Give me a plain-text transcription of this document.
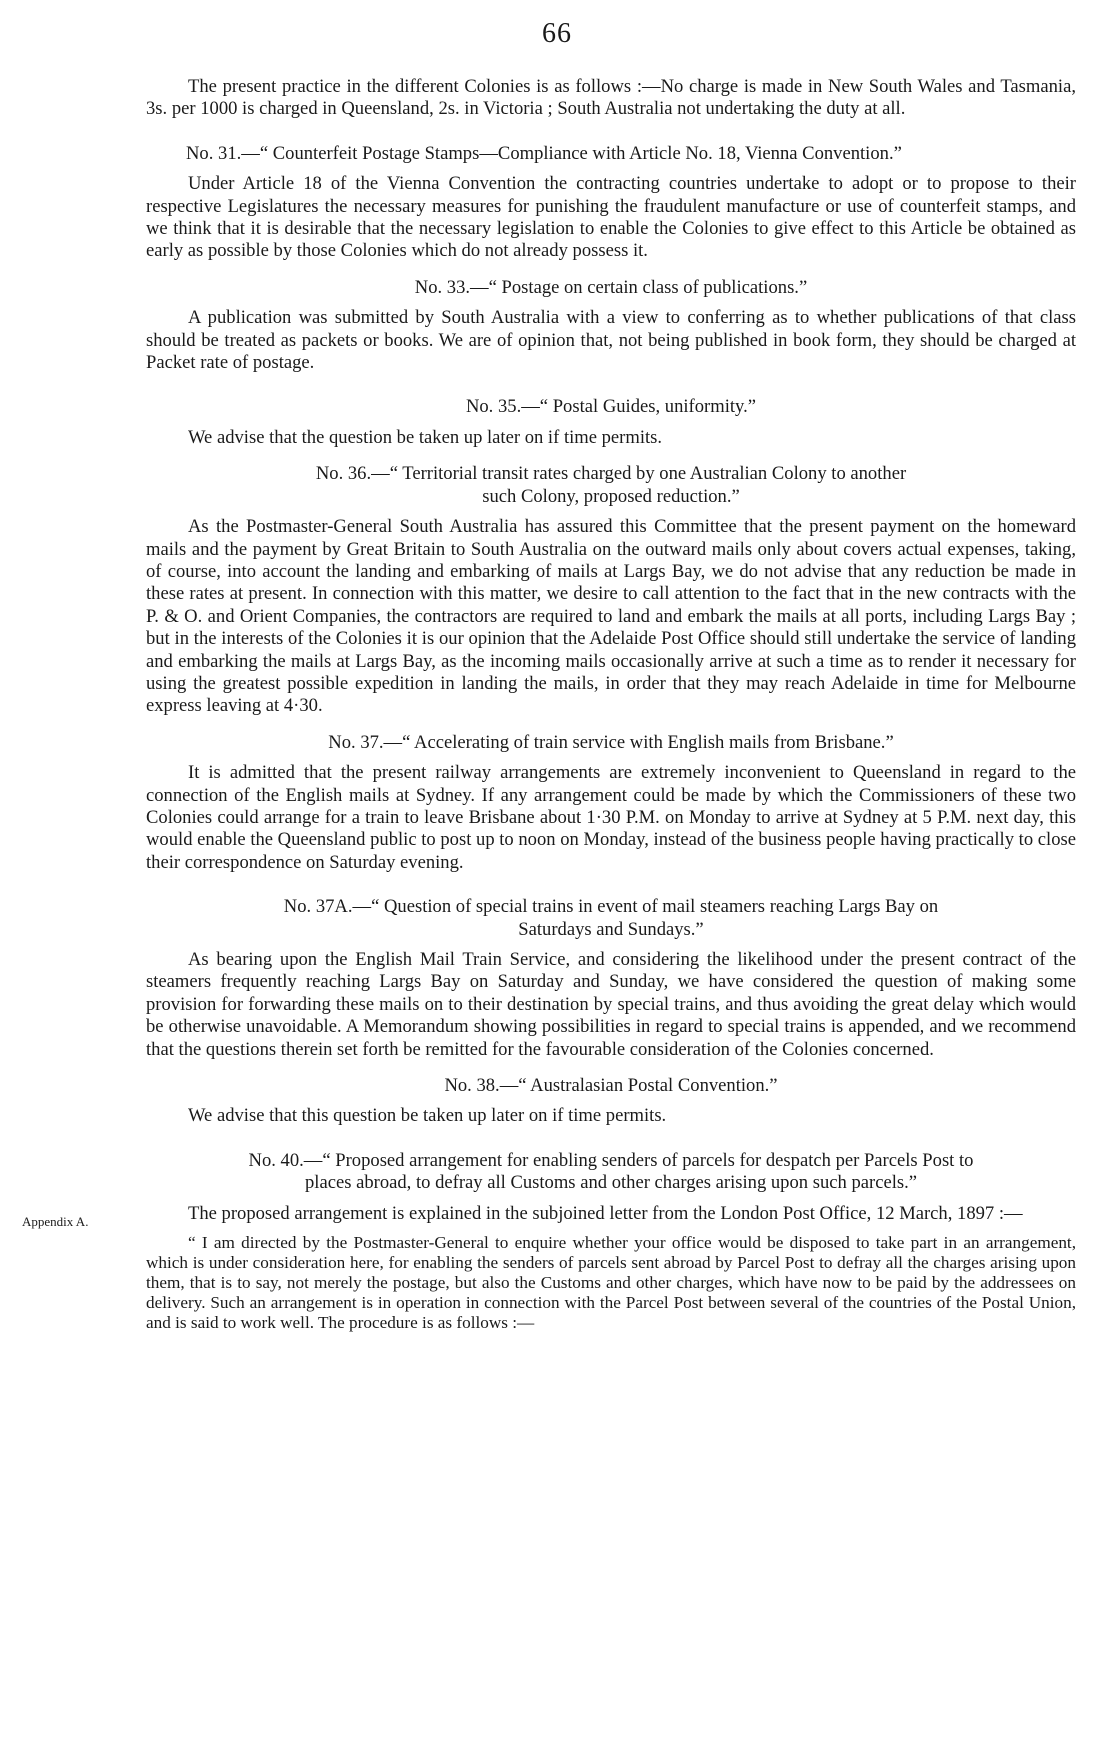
66
Appendix A.

The present practice in the different Colonies is as follows :—No charge is made in New South Wales and Tasmania, 3s. per 1000 is charged in Queensland, 2s. in Victoria ; South Australia not undertaking the duty at all.

No. 31.—“ Counterfeit Postage Stamps—Compliance with Article No. 18, Vienna Convention.”

Under Article 18 of the Vienna Convention the contracting countries undertake to adopt or to propose to their respective Legislatures the necessary measures for punishing the fraudulent manufacture or use of counterfeit stamps, and we think that it is desirable that the necessary legislation to enable the Colonies to give effect to this Article be obtained as early as possible by those Colonies which do not already possess it.

No. 33.—“ Postage on certain class of publications.”

A publication was submitted by South Australia with a view to conferring as to whether publications of that class should be treated as packets or books. We are of opinion that, not being published in book form, they should be charged at Packet rate of postage.

No. 35.—“ Postal Guides, uniformity.”

We advise that the question be taken up later on if time permits.

No. 36.—“ Territorial transit rates charged by one Australian Colony to another
such Colony, proposed reduction.”

As the Postmaster-General South Australia has assured this Committee that the present payment on the homeward mails and the payment by Great Britain to South Australia on the outward mails only about covers actual expenses, taking, of course, into account the landing and embarking of mails at Largs Bay, we do not advise that any reduction be made in these rates at present. In connection with this matter, we desire to call attention to the fact that in the new contracts with the P. & O. and Orient Companies, the contractors are required to land and embark the mails at all ports, including Largs Bay ; but in the interests of the Colonies it is our opinion that the Adelaide Post Office should still undertake the service of landing and embarking the mails at Largs Bay, as the incoming mails occasionally arrive at such a time as to render it necessary for using the greatest possible expedition in landing the mails, in order that they may reach Adelaide in time for Melbourne express leaving at 4·30.

No. 37.—“ Accelerating of train service with English mails from Brisbane.”

It is admitted that the present railway arrangements are extremely inconvenient to Queensland in regard to the connection of the English mails at Sydney. If any arrangement could be made by which the Commissioners of these two Colonies could arrange for a train to leave Brisbane about 1·30 P.M. on Monday to arrive at Sydney at 5 P.M. next day, this would enable the Queensland public to post up to noon on Monday, instead of the business people having practically to close their correspondence on Saturday evening.

No. 37A.—“ Question of special trains in event of mail steamers reaching Largs Bay on
Saturdays and Sundays.”

As bearing upon the English Mail Train Service, and considering the likelihood under the present contract of the steamers frequently reaching Largs Bay on Saturday and Sunday, we have considered the question of making some provision for forwarding these mails on to their destination by special trains, and thus avoiding the great delay which would be otherwise unavoidable. A Memorandum showing possibilities in regard to special trains is appended, and we recommend that the questions therein set forth be remitted for the favourable consideration of the Colonies concerned.

No. 38.—“ Australasian Postal Convention.”

We advise that this question be taken up later on if time permits.

No. 40.—“ Proposed arrangement for enabling senders of parcels for despatch per Parcels Post to
places abroad, to defray all Customs and other charges arising upon such parcels.”

The proposed arrangement is explained in the subjoined letter from the London Post Office, 12 March, 1897 :—

“ I am directed by the Postmaster-General to enquire whether your office would be disposed to take part in an arrangement, which is under consideration here, for enabling the senders of parcels sent abroad by Parcel Post to defray all the charges arising upon them, that is to say, not merely the postage, but also the Customs and other charges, which have now to be paid by the addressees on delivery. Such an arrangement is in operation in connection with the Parcel Post between several of the countries of the Postal Union, and is said to work well. The procedure is as follows :—
